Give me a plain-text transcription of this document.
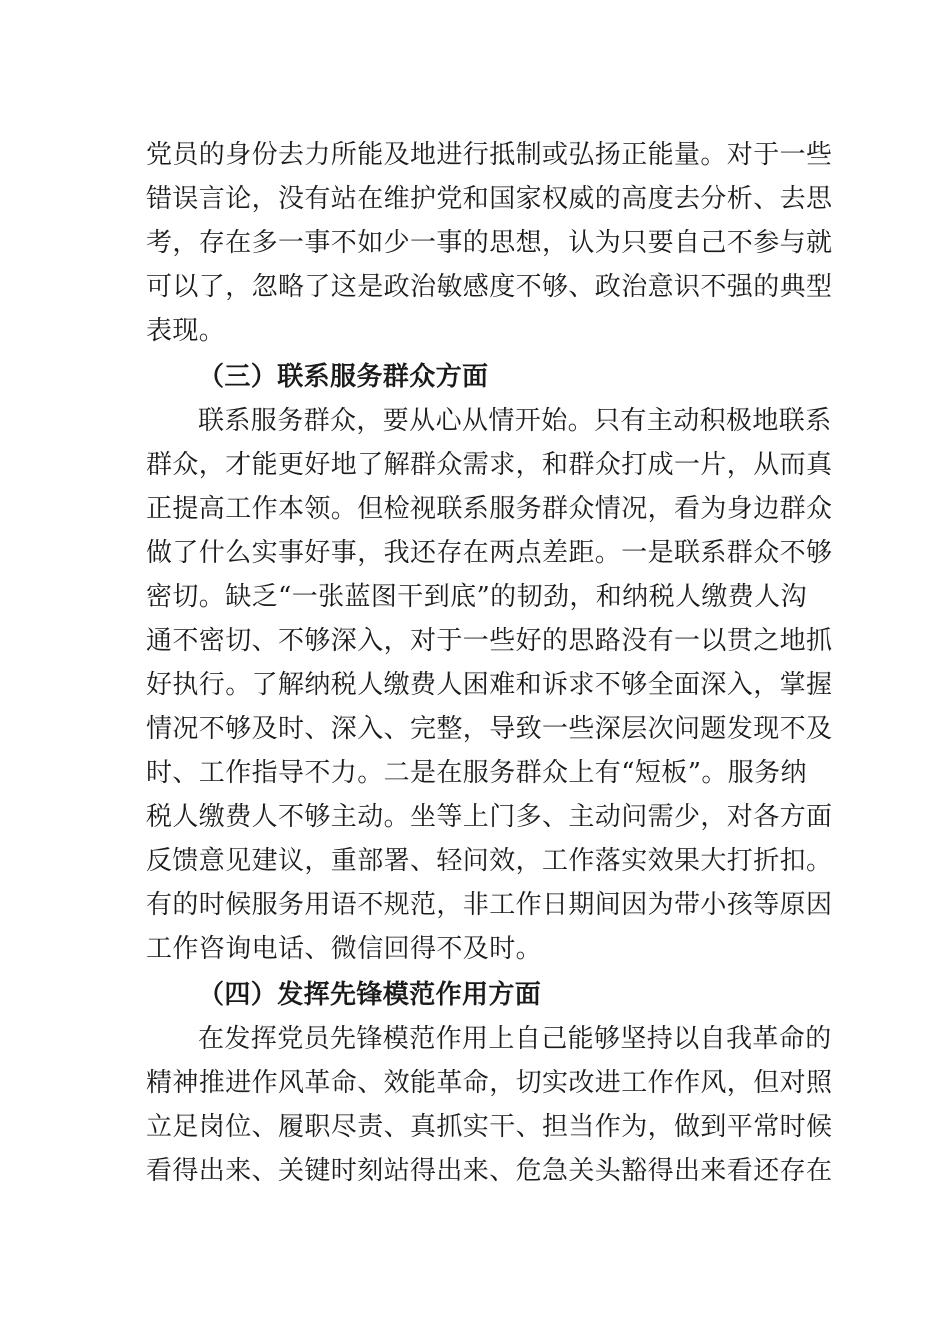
党员的身份去力所能及地进行抵制或弘扬正能量。对于一些
错误言论，没有站在维护党和国家权威的高度去分析、去思
考，存在多一事不如少一事的思想，认为只要自己不参与就
可以了，忽略了这是政治敏感度不够、政治意识不强的典型
表现。
（三）联系服务群众方面
联系服务群众，要从心从情开始。只有主动积极地联系
群众，才能更好地了解群众需求，和群众打成一片，从而真
正提高工作本领。但检视联系服务群众情况，看为身边群众
做了什么实事好事，我还存在两点差距。一是联系群众不够
密切。缺乏“一张蓝图干到底”的韧劲，和纳税人缴费人沟
通不密切、不够深入，对于一些好的思路没有一以贯之地抓
好执行。了解纳税人缴费人困难和诉求不够全面深入，掌握
情况不够及时、深入、完整，导致一些深层次问题发现不及
时、工作指导不力。二是在服务群众上有“短板”。服务纳
税人缴费人不够主动。坐等上门多、主动问需少，对各方面
反馈意见建议，重部署、轻问效，工作落实效果大打折扣。
有的时候服务用语不规范，非工作日期间因为带小孩等原因
工作咨询电话、微信回得不及时。
（四）发挥先锋模范作用方面
在发挥党员先锋模范作用上自己能够坚持以自我革命的
精神推进作风革命、效能革命，切实改进工作作风，但对照
立足岗位、履职尽责、真抓实干、担当作为，做到平常时候
看得出来、关键时刻站得出来、危急关头豁得出来看还存在
